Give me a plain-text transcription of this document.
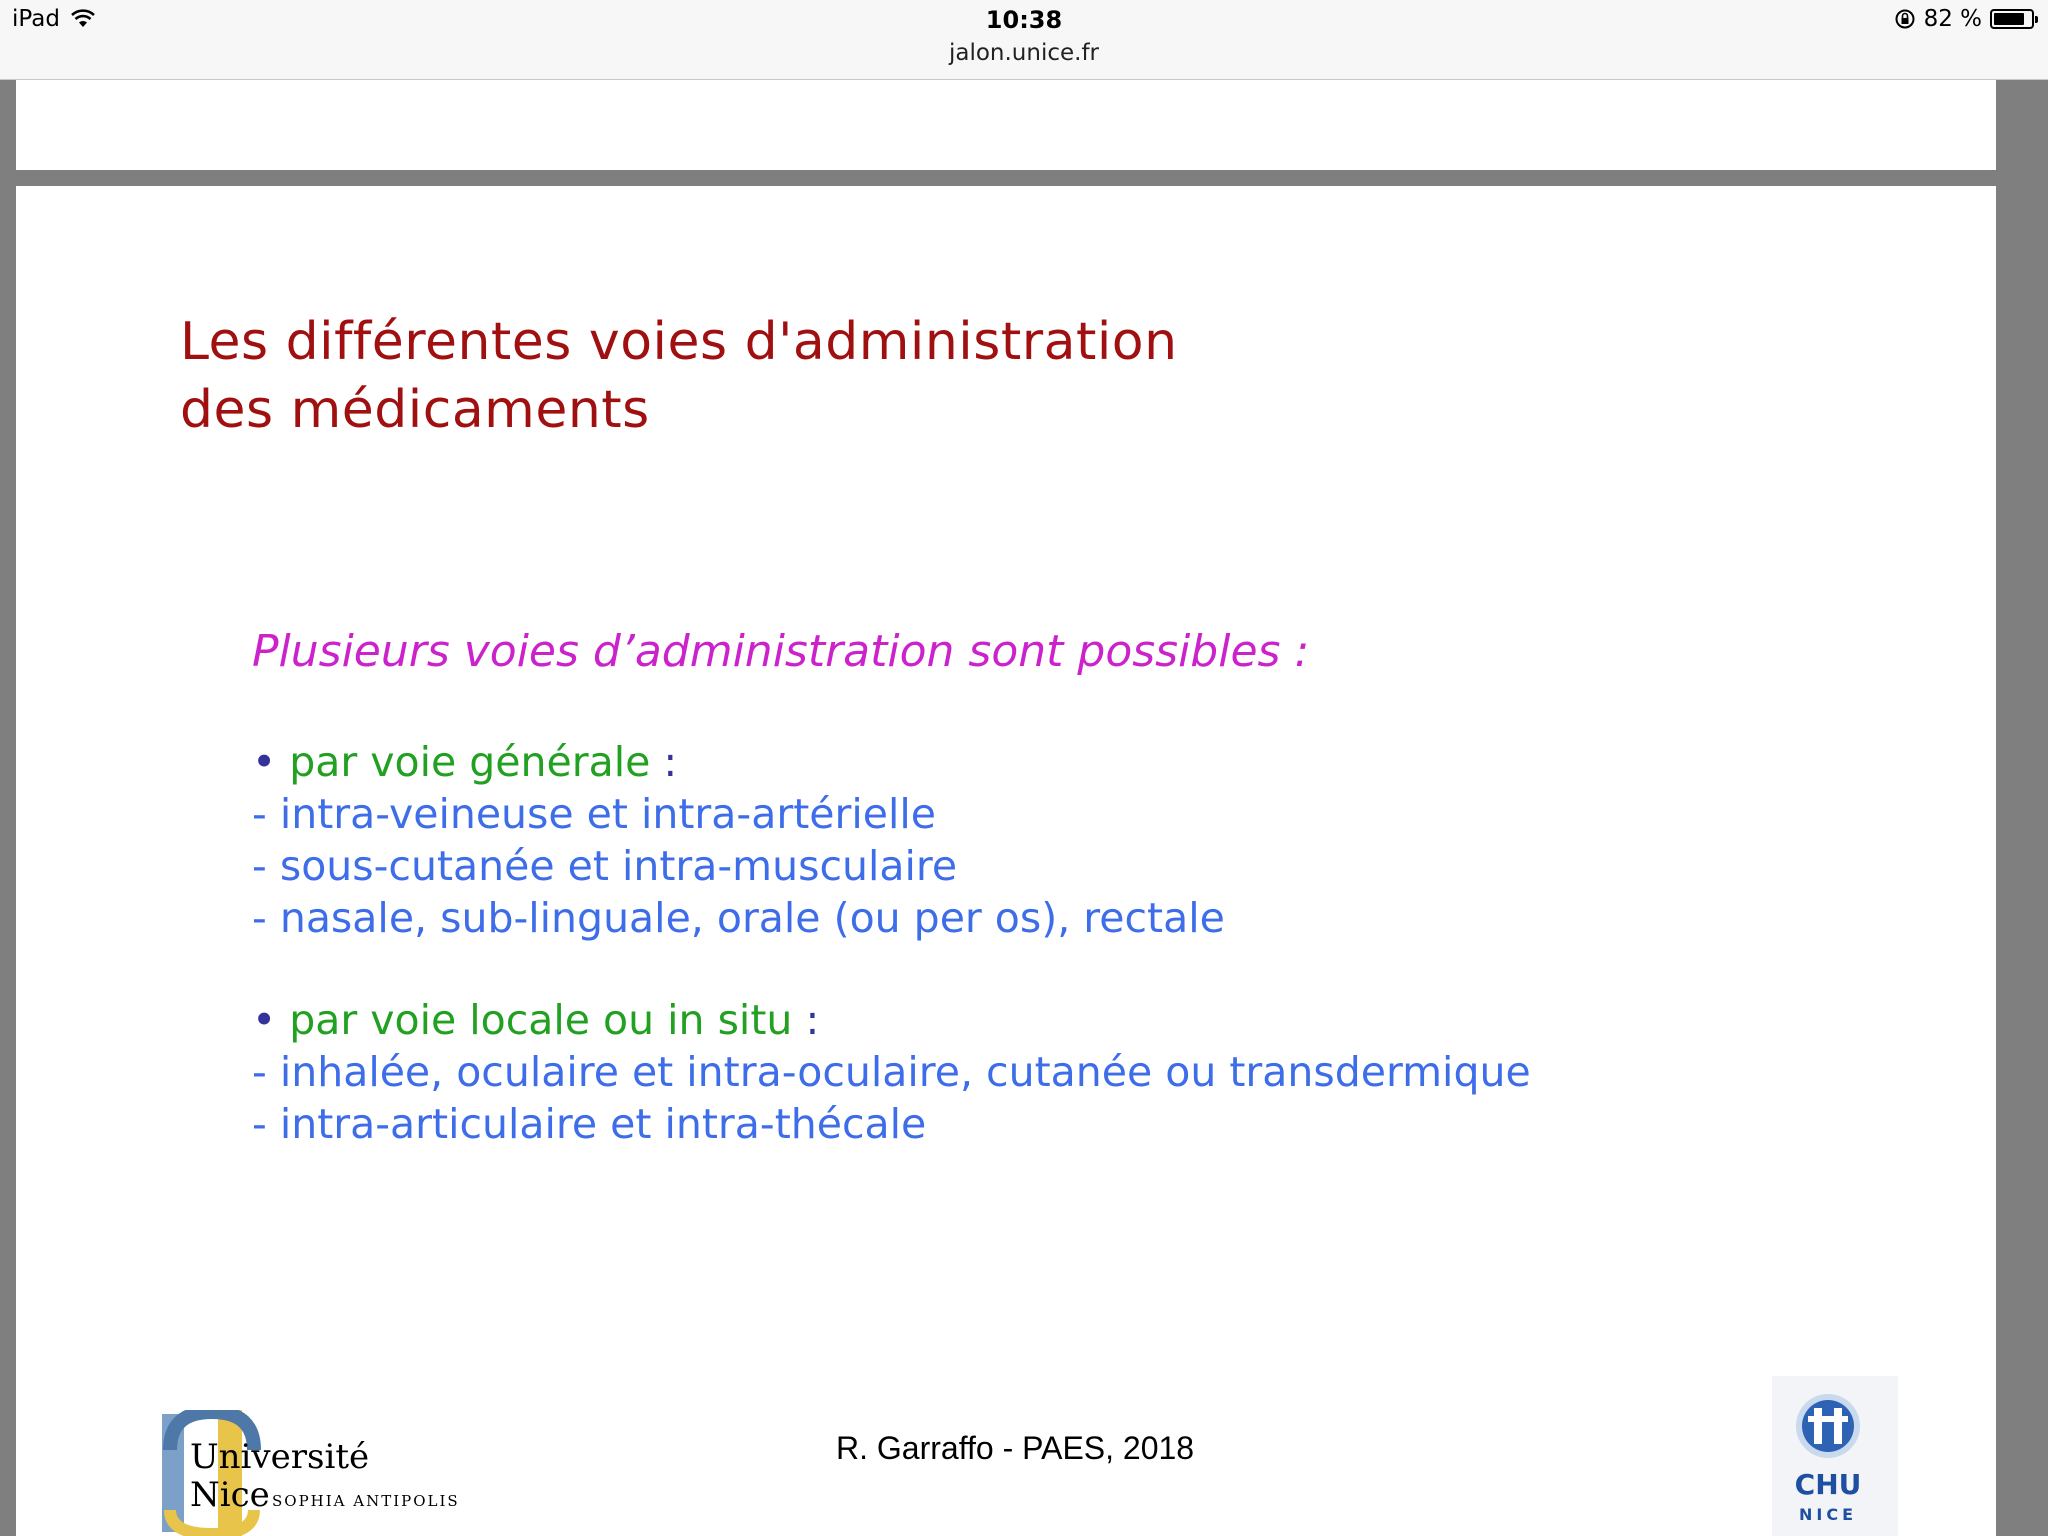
iPad	10:38
jalon.unice.fr
82 %
Les différentes voies d'administration
des médicaments
Plusieurs voies d’administration sont possibles :
• par voie générale :
- intra-veineuse et intra-artérielle
- sous-cutanée et intra-musculaire
- nasale, sub-linguale, orale (ou per os), rectale
• par voie locale ou in situ :
- inhalée, oculaire et intra-oculaire, cutanée ou transdermique
- intra-articulaire et intra-thécale
R. Garraffo - PAES, 2018
Université
Nice SOPHIA ANTIPOLIS	CHU
NICE
